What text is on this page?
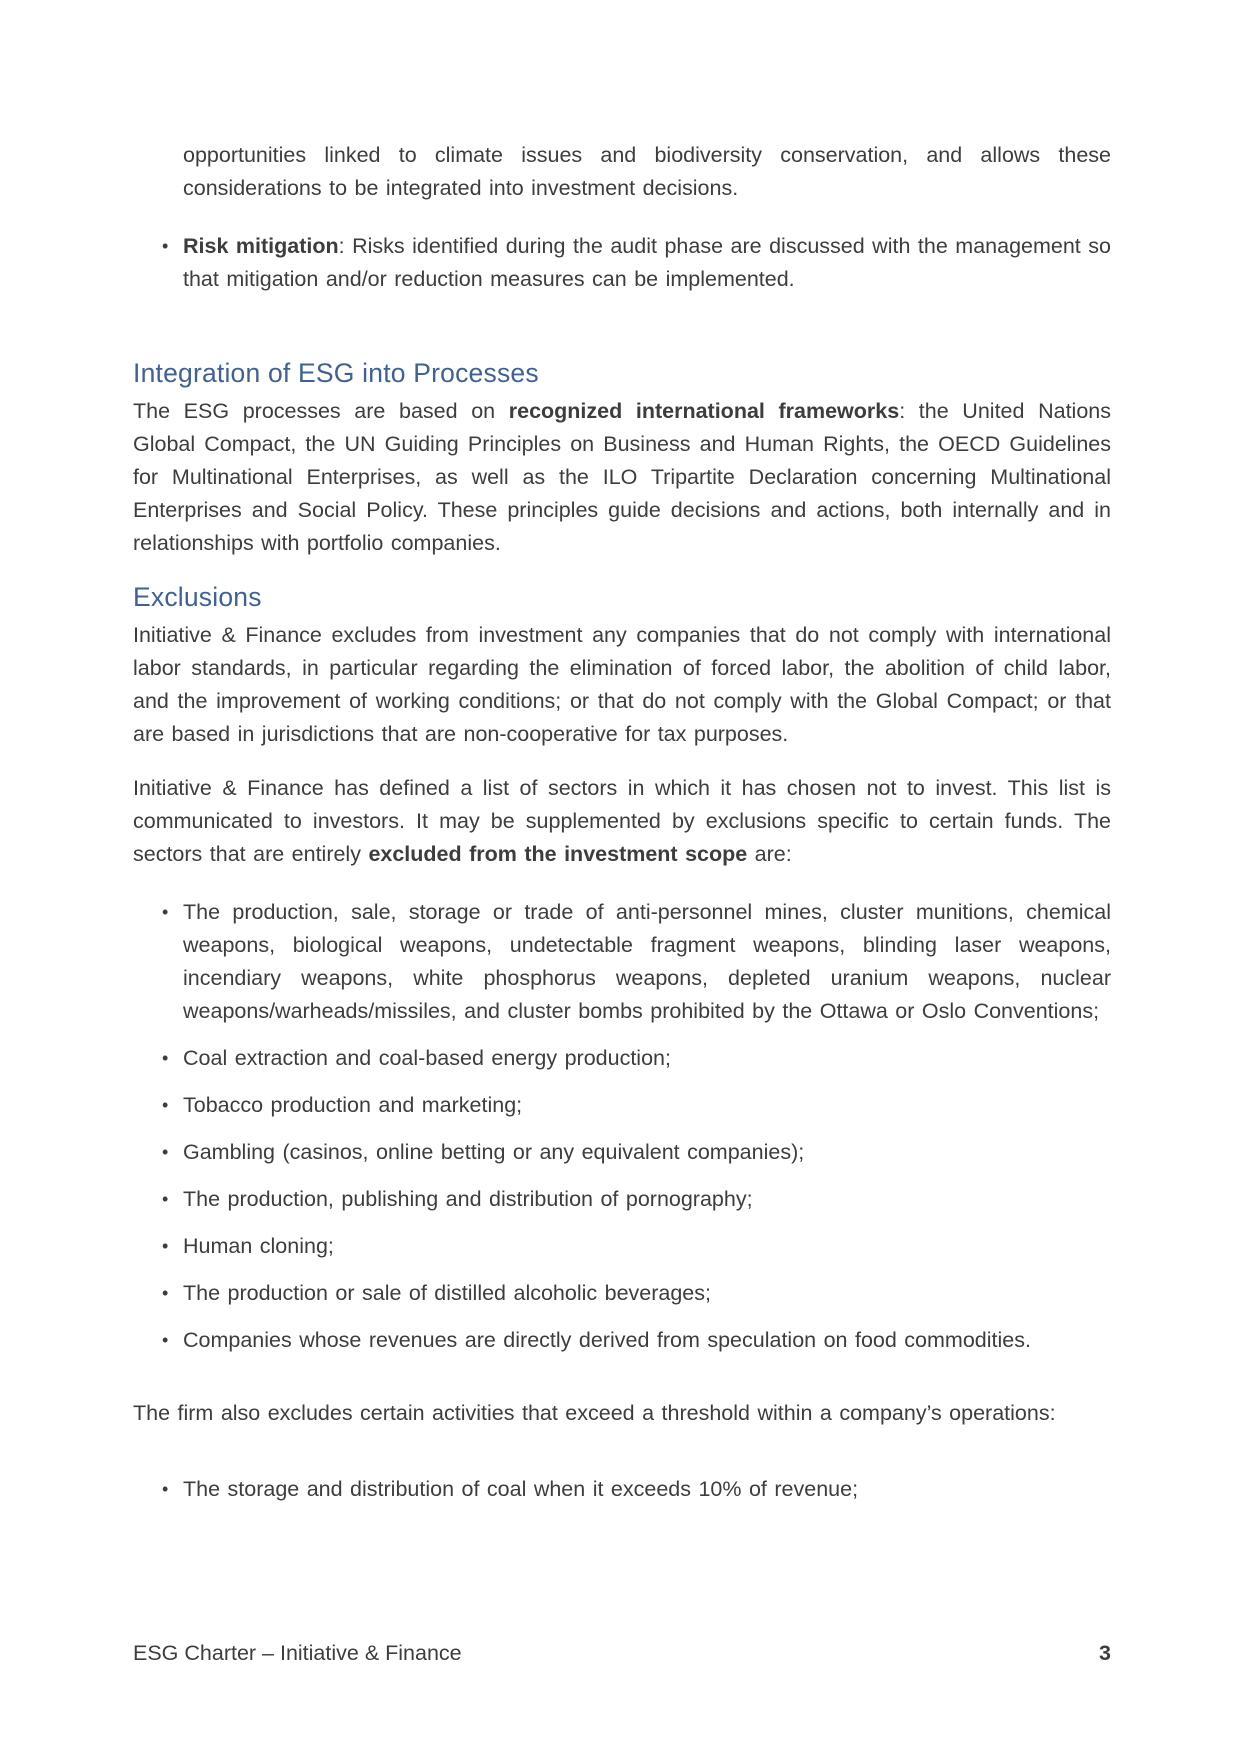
opportunities linked to climate issues and biodiversity conservation, and allows these considerations to be integrated into investment decisions.

• Risk mitigation: Risks identified during the audit phase are discussed with the management so that mitigation and/or reduction measures can be implemented.
Integration of ESG into Processes

The ESG processes are based on recognized international frameworks: the United Nations Global Compact, the UN Guiding Principles on Business and Human Rights, the OECD Guidelines for Multinational Enterprises, as well as the ILO Tripartite Declaration concerning Multinational Enterprises and Social Policy. These principles guide decisions and actions, both internally and in relationships with portfolio companies.

Exclusions

Initiative & Finance excludes from investment any companies that do not comply with international labor standards, in particular regarding the elimination of forced labor, the abolition of child labor, and the improvement of working conditions; or that do not comply with the Global Compact; or that are based in jurisdictions that are non-cooperative for tax purposes.

Initiative & Finance has defined a list of sectors in which it has chosen not to invest. This list is communicated to investors. It may be supplemented by exclusions specific to certain funds. The sectors that are entirely excluded from the investment scope are:

• The production, sale, storage or trade of anti-personnel mines, cluster munitions, chemical weapons, biological weapons, undetectable fragment weapons, blinding laser weapons, incendiary weapons, white phosphorus weapons, depleted uranium weapons, nuclear weapons/warheads/missiles, and cluster bombs prohibited by the Ottawa or Oslo Conventions;
• Coal extraction and coal-based energy production;
• Tobacco production and marketing;
• Gambling (casinos, online betting or any equivalent companies);
• The production, publishing and distribution of pornography;
• Human cloning;
• The production or sale of distilled alcoholic beverages;
• Companies whose revenues are directly derived from speculation on food commodities.

The firm also excludes certain activities that exceed a threshold within a company’s operations:

• The storage and distribution of coal when it exceeds 10% of revenue;
ESG Charter – Initiative & Finance	3
